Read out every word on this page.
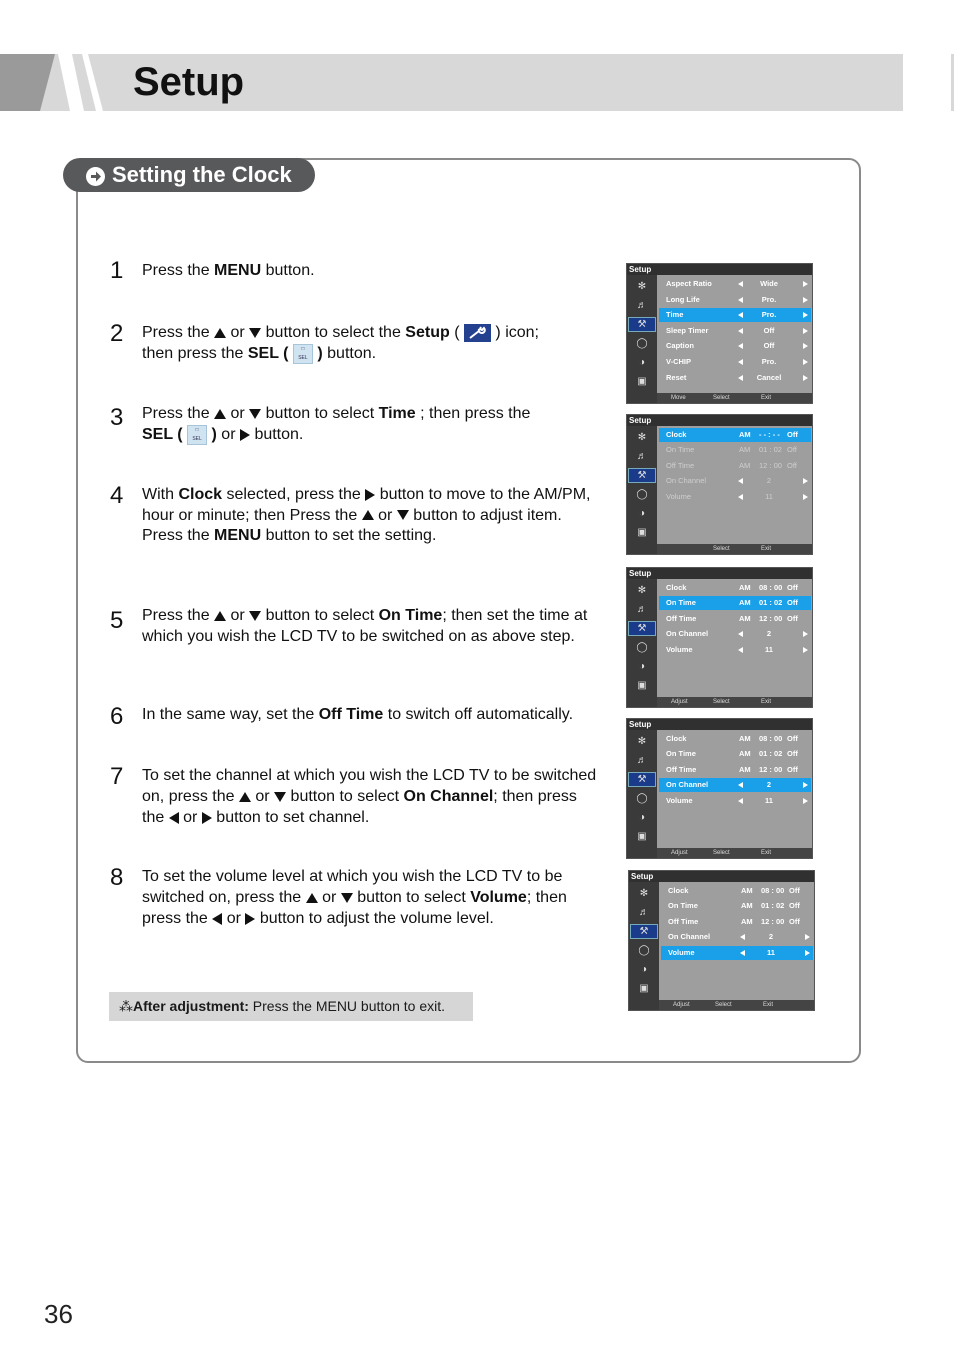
Setup
Setting the Clock
1
2
3
4
5
6
7
8
Press the MENU button.
Press the or button to select the Setup (  ) icon;
then press the SEL (	□
SEL ) button.
Press the or button to select Time ; then press the
SEL (	□
SEL ) or button.
With Clock selected, press the button to move to the AM/PM, hour or minute; then Press the or button to adjust item.
Press the MENU button to set the setting.
Press the or button to select On Time; then set the time at which you wish the LCD TV to be switched on as above step.
In the same way, set the Off Time to switch off automatically.
To set the channel at which you wish the LCD TV to be switched on, press the or button to select On Channel; then press the or button to set channel.
To set the volume level at which you wish the LCD TV to be switched on, press the or button to select Volume; then press the or button to adjust the volume level.
⁂After adjustment: Press the MENU button to exit.
Setup
✻
♬
⚒
◯
◑
▣
Aspect Ratio	Wide
Long Life	Pro.
Time	Pro.
Sleep Timer	Off
Caption	Off
V-CHIP	Pro.
Reset	Cancel
Move	Select	Exit
Setup
✻
♬
⚒
◯
◑
▣
Clock	AM - - : - - Off
On Time	AM 01 : 02 Off
Off Time	AM 12 : 00 Off
On Channel	2
Volume	11
Select	Exit
Setup
✻
♬
⚒
◯
◑
▣
Clock	AM 08 : 00 Off
On Time	AM 01 : 02 Off
Off Time	AM 12 : 00 Off
On Channel	2
Volume	11
Adjust	Select	Exit
Setup
✻
♬
⚒
◯
◑
▣
Clock	AM 08 : 00 Off
On Time	AM 01 : 02 Off
Off Time	AM 12 : 00 Off
On Channel	2
Volume	11
Adjust	Select	Exit
Setup
✻
♬
⚒
◯
◑
▣
Clock	AM 08 : 00 Off
On Time	AM 01 : 02 Off
Off Time	AM 12 : 00 Off
On Channel	2
Volume	11
Adjust	Select	Exit
36
